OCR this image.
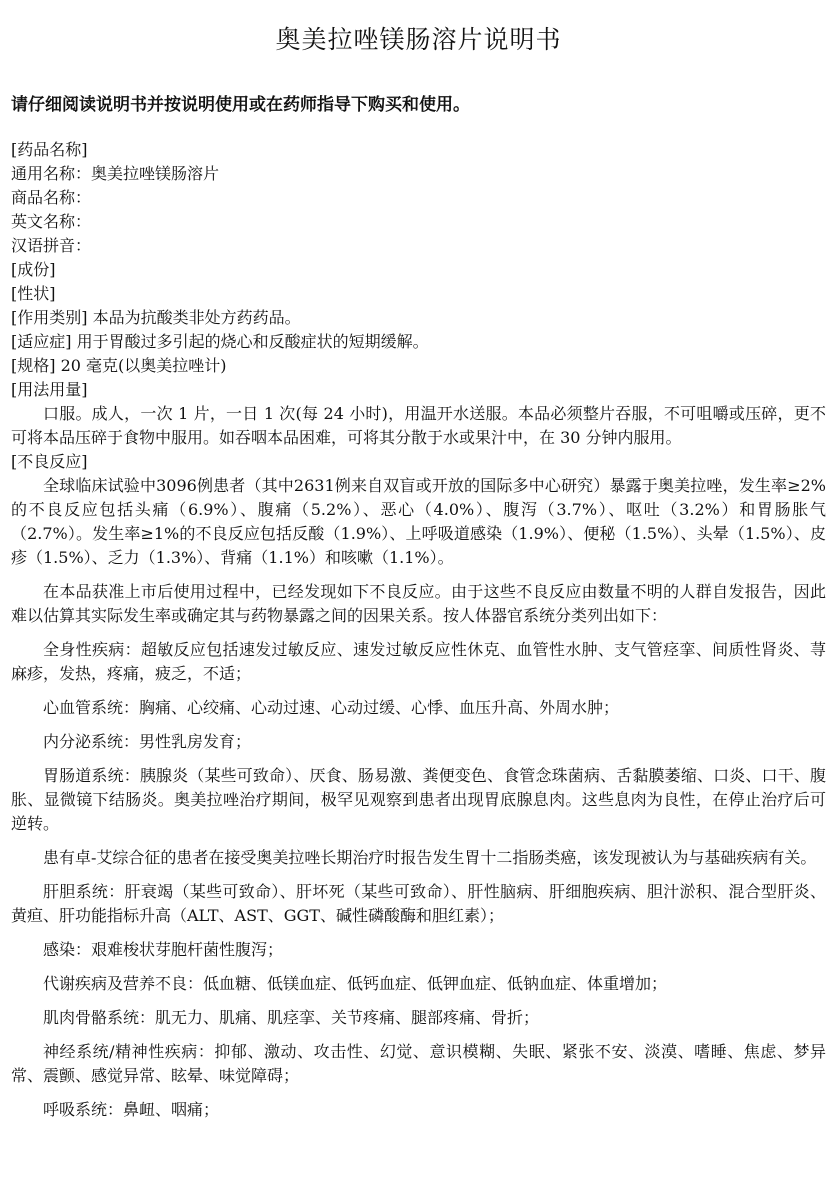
奥美拉唑镁肠溶片说明书
请仔细阅读说明书并按说明使用或在药师指导下购买和使用。
[药品名称]
通用名称：奥美拉唑镁肠溶片
商品名称：
英文名称：
汉语拼音：
[成份]
[性状]
[作用类别] 本品为抗酸类非处方药药品。
[适应症] 用于胃酸过多引起的烧心和反酸症状的短期缓解。
[规格] 20 毫克(以奥美拉唑计)
[用法用量]

口服。成人，一次 1 片，一日 1 次(每 24 小时)，用温开水送服。本品必须整片吞服，不可咀嚼或压碎，更不可将本品压碎于食物中服用。如吞咽本品困难，可将其分散于水或果汁中，在 30 分钟内服用。

[不良反应]

全球临床试验中3096例患者（其中2631例来自双盲或开放的国际多中心研究）暴露于奥美拉唑，发生率≥2%的不良反应包括头痛（6.9%）、腹痛（5.2%）、恶心（4.0%）、腹泻（3.7%）、呕吐（3.2%）和胃肠胀气（2.7%）。发生率≥1%的不良反应包括反酸（1.9%）、上呼吸道感染（1.9%）、便秘（1.5%）、头晕（1.5%）、皮疹（1.5%）、乏力（1.3%）、背痛（1.1%）和咳嗽（1.1%）。

在本品获准上市后使用过程中，已经发现如下不良反应。由于这些不良反应由数量不明的人群自发报告，因此难以估算其实际发生率或确定其与药物暴露之间的因果关系。按人体器官系统分类列出如下：

全身性疾病：超敏反应包括速发过敏反应、速发过敏反应性休克、血管性水肿、支气管痉挛、间质性肾炎、荨麻疹，发热，疼痛，疲乏，不适；

心血管系统：胸痛、心绞痛、心动过速、心动过缓、心悸、血压升高、外周水肿；

内分泌系统：男性乳房发育；

胃肠道系统：胰腺炎（某些可致命）、厌食、肠易激、粪便变色、食管念珠菌病、舌黏膜萎缩、口炎、口干、腹胀、显微镜下结肠炎。奥美拉唑治疗期间，极罕见观察到患者出现胃底腺息肉。这些息肉为良性，在停止治疗后可逆转。

患有卓-艾综合征的患者在接受奥美拉唑长期治疗时报告发生胃十二指肠类癌，该发现被认为与基础疾病有关。

肝胆系统：肝衰竭（某些可致命）、肝坏死（某些可致命）、肝性脑病、肝细胞疾病、胆汁淤积、混合型肝炎、黄疸、肝功能指标升高（ALT、AST、GGT、碱性磷酸酶和胆红素）；

感染：艰难梭状芽胞杆菌性腹泻；

代谢疾病及营养不良：低血糖、低镁血症、低钙血症、低钾血症、低钠血症、体重增加；

肌肉骨骼系统：肌无力、肌痛、肌痉挛、关节疼痛、腿部疼痛、骨折；

神经系统/精神性疾病：抑郁、激动、攻击性、幻觉、意识模糊、失眠、紧张不安、淡漠、嗜睡、焦虑、梦异常、震颤、感觉异常、眩晕、味觉障碍；

呼吸系统：鼻衄、咽痛；
